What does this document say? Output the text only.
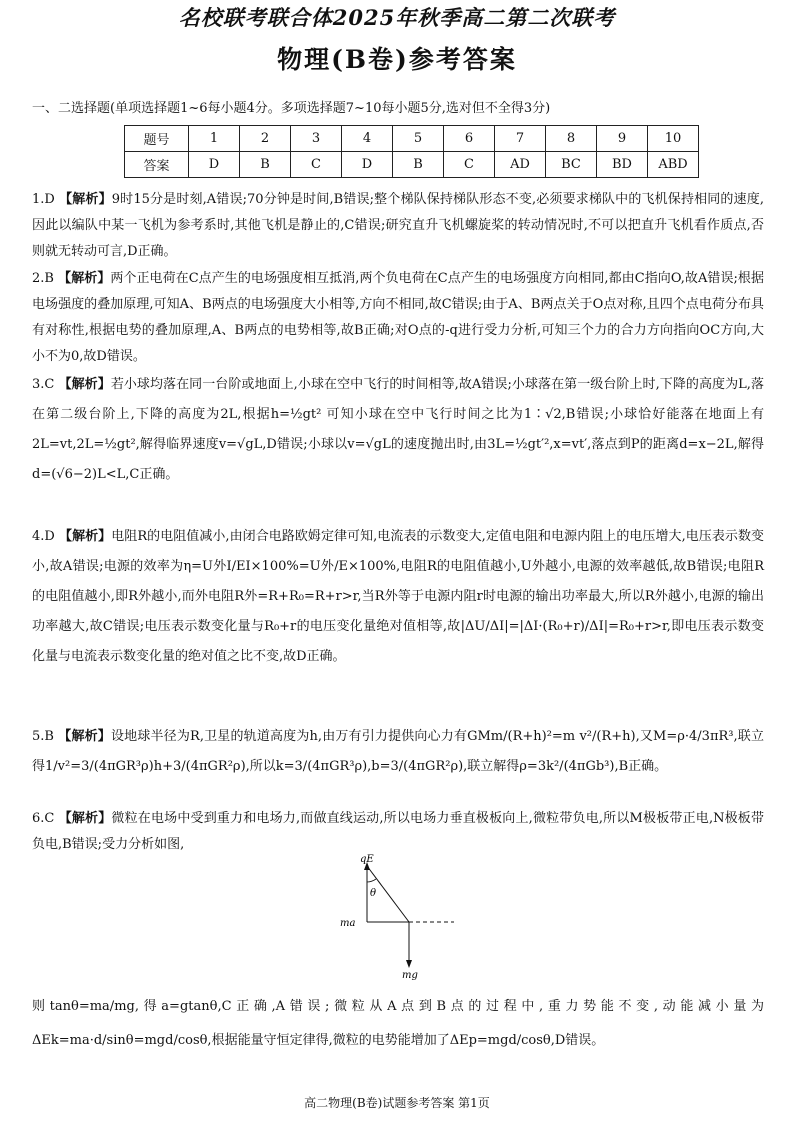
名校联考联合体2025年秋季高二第二次联考
物理(B卷)参考答案
一、二选择题(单项选择题1~6每小题4分。多项选择题7~10每小题5分,选对但不全得3分)
题号	1	2	3	4	5	6	7	8	9	10
答案	D	B	C	D	B	C	AD	BC	BD	ABD
1.D 【解析】9时15分是时刻,A错误;70分钟是时间,B错误;整个梯队保持梯队形态不变,必须要求梯队中的飞机保持相同的速度,因此以编队中某一飞机为参考系时,其他飞机是静止的,C错误;研究直升飞机螺旋桨的转动情况时,不可以把直升飞机看作质点,否则就无转动可言,D正确。
2.B 【解析】两个正电荷在C点产生的电场强度相互抵消,两个负电荷在C点产生的电场强度方向相同,都由C指向O,故A错误;根据电场强度的叠加原理,可知A、B两点的电场强度大小相等,方向不相同,故C错误;由于A、B两点关于O点对称,且四个点电荷分布具有对称性,根据电势的叠加原理,A、B两点的电势相等,故B正确;对O点的-q进行受力分析,可知三个力的合力方向指向OC方向,大小不为0,故D错误。
3.C 【解析】若小球均落在同一台阶或地面上,小球在空中飞行的时间相等,故A错误;小球落在第一级台阶上时,下降的高度为L,落在第二级台阶上,下降的高度为2L,根据h=½gt² 可知小球在空中飞行时间之比为1∶√2,B错误;小球恰好能落在地面上有2L=vt,2L=½gt²,解得临界速度v=√gL,D错误;小球以v=√gL的速度抛出时,由3L=½gt′²,x=vt′,落点到P的距离d=x−2L,解得d=(√6−2)L<L,C正确。
4.D 【解析】电阻R的电阻值减小,由闭合电路欧姆定律可知,电流表的示数变大,定值电阻和电源内阻上的电压增大,电压表示数变小,故A错误;电源的效率为η=U外I/EI×100%=U外/E×100%,电阻R的电阻值越小,U外越小,电源的效率越低,故B错误;电阻R的电阻值越小,即R外越小,而外电阻R外=R+R₀=R+r>r,当R外等于电源内阻r时电源的输出功率最大,所以R外越小,电源的输出功率越大,故C错误;电压表示数变化量与R₀+r的电压变化量绝对值相等,故|ΔU/ΔI|=|ΔI·(R₀+r)/ΔI|=R₀+r>r,即电压表示数变化量与电流表示数变化量的绝对值之比不变,故D正确。
5.B 【解析】设地球半径为R,卫星的轨道高度为h,由万有引力提供向心力有GMm/(R+h)²=m v²/(R+h),又M=ρ·4/3πR³,联立得1/v²=3/(4πGR³ρ)h+3/(4πGR²ρ),所以k=3/(4πGR³ρ),b=3/(4πGR²ρ),联立解得ρ=3k²/(4πGb³),B正确。
6.C 【解析】微粒在电场中受到重力和电场力,而做直线运动,所以电场力垂直极板向上,微粒带负电,所以M极板带正电,N极板带负电,B错误;受力分析如图,
qE
θ
ma
mg
则tanθ=ma/mg,得a=gtanθ,C正确,A错误;微粒从A点到B点的过程中,重力势能不变,动能减小量为ΔEk=ma·d/sinθ=mgd/cosθ,根据能量守恒定律得,微粒的电势能增加了ΔEp=mgd/cosθ,D错误。
高二物理(B卷)试题参考答案 第1页
